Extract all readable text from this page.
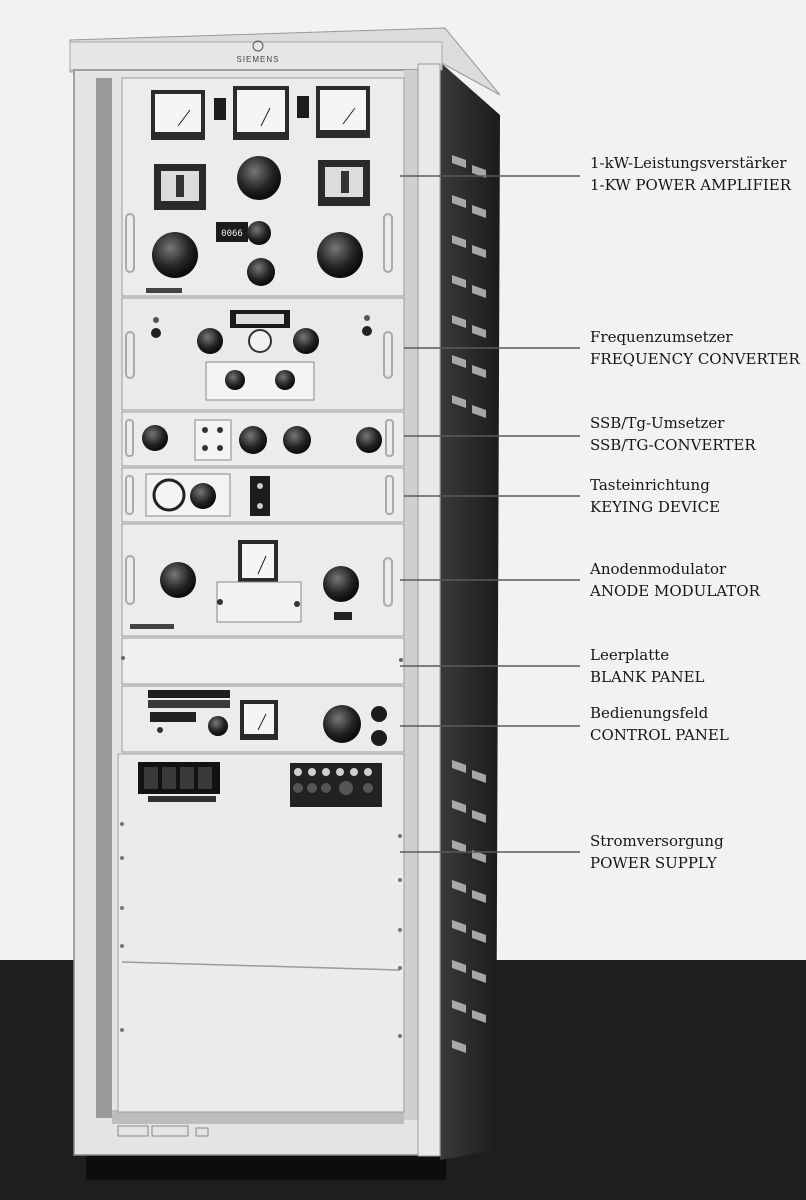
SIEMENS
0066
1-kW-Leistungsverstärker
1-KW POWER AMPLIFIER
Frequenzumsetzer
FREQUENCY CONVERTER
SSB/Tg-Umsetzer
SSB/TG-CONVERTER
Tasteinrichtung
KEYING DEVICE
Anodenmodulator
ANODE MODULATOR
Leerplatte
BLANK PANEL
Bedienungsfeld
CONTROL PANEL
Stromversorgung
POWER SUPPLY
